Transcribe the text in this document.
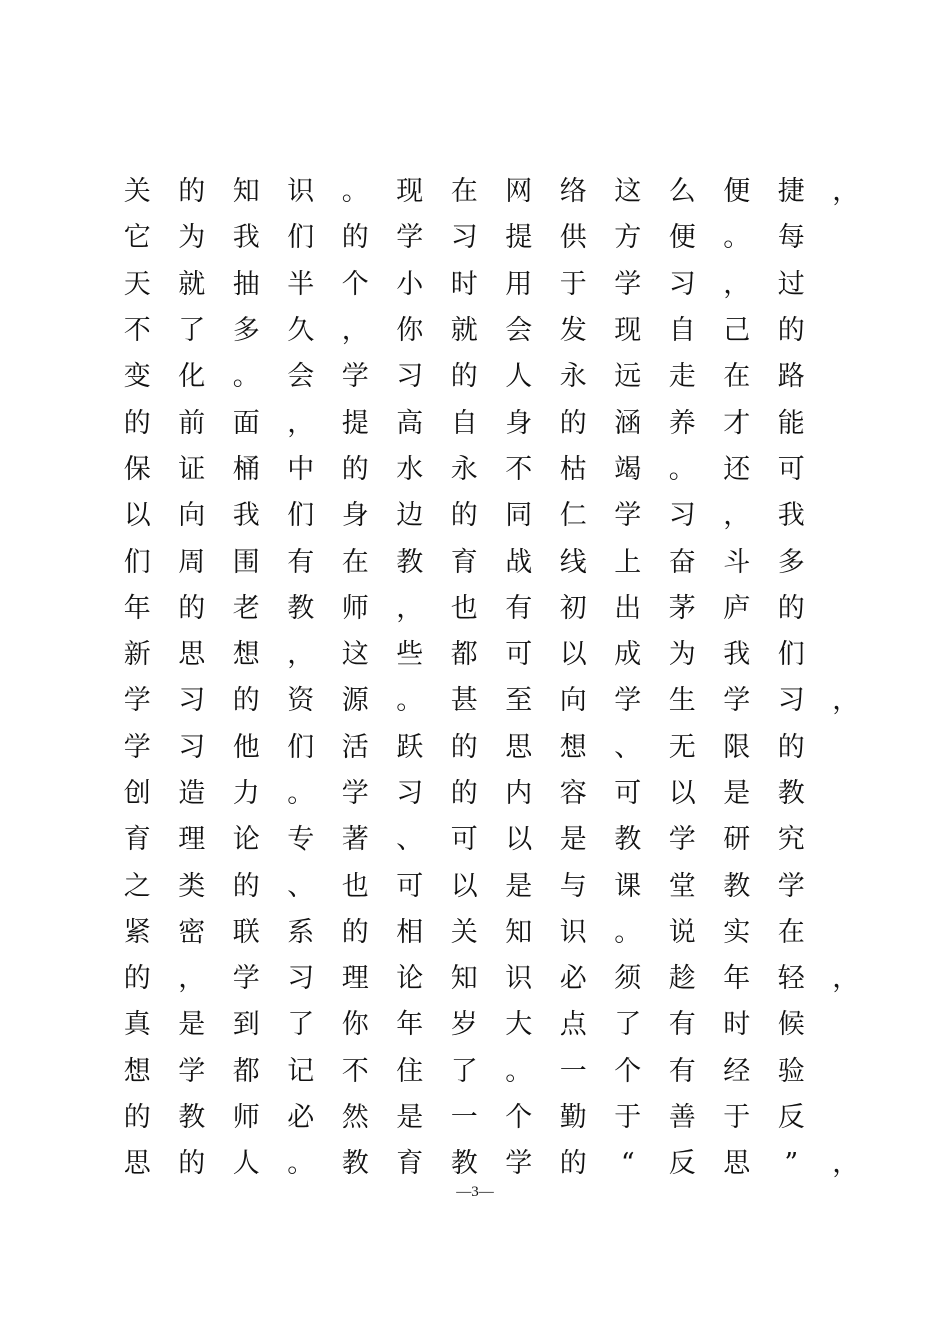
关	的	知	识	。	现	在	网	络	这	么	便	捷	，
它	为	我	们	的	学	习	提	供	方	便	。	每
天	就	抽	半	个	小	时	用	于	学	习	，	过
不	了	多	久	，	你	就	会	发	现	自	己	的
变	化	。	会	学	习	的	人	永	远	走	在	路
的	前	面	，	提	高	自	身	的	涵	养	才	能
保	证	桶	中	的	水	永	不	枯	竭	。	还	可
以	向	我	们	身	边	的	同	仁	学	习	，	我
们	周	围	有	在	教	育	战	线	上	奋	斗	多
年	的	老	教	师	，	也	有	初	出	茅	庐	的
新	思	想	，	这	些	都	可	以	成	为	我	们
学	习	的	资	源	。	甚	至	向	学	生	学	习	，
学	习	他	们	活	跃	的	思	想	、	无	限	的
创	造	力	。	学	习	的	内	容	可	以	是	教
育	理	论	专	著	、	可	以	是	教	学	研	究
之	类	的	、	也	可	以	是	与	课	堂	教	学
紧	密	联	系	的	相	关	知	识	。	说	实	在
的	，	学	习	理	论	知	识	必	须	趁	年	轻	，
真	是	到	了	你	年	岁	大	点	了	有	时	候
想	学	都	记	不	住	了	。	一	个	有	经	验
的	教	师	必	然	是	一	个	勤	于	善	于	反
思	的	人	。	教	育	教	学	的	“	反	思	”	，
—3—
